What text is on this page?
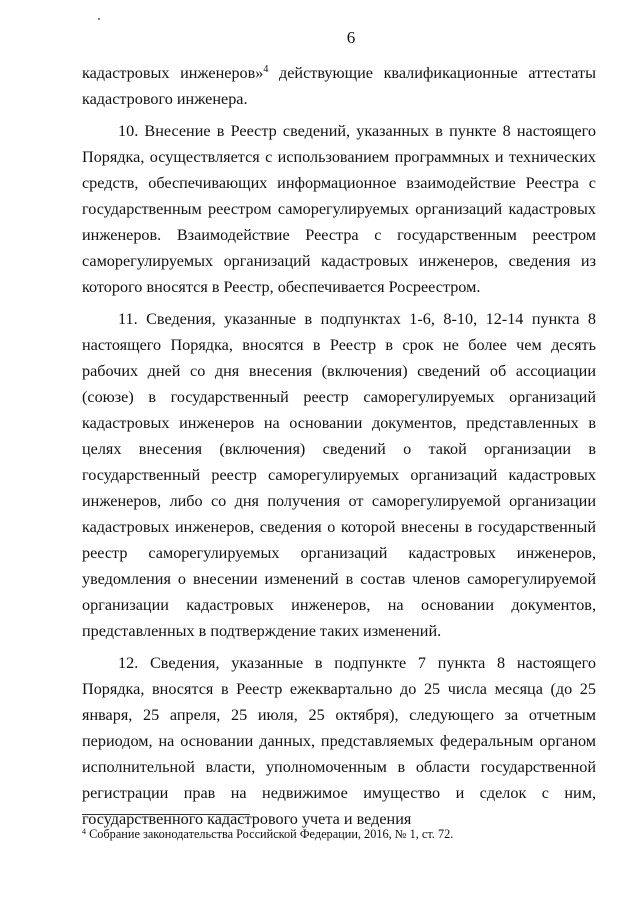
6

кадастровых инженеров»$^4$ действующие квалификационные аттестаты кадастрового инженера.

10. Внесение в Реестр сведений, указанных в пункте 8 настоящего Порядка, осуществляется с использованием программных и технических средств, обеспечивающих информационное взаимодействие Реестра с государственным реестром саморегулируемых организаций кадастровых инженеров. Взаимодействие Реестра с государственным реестром саморегулируемых организаций кадастровых инженеров, сведения из которого вносятся в Реестр, обеспечивается Росреестром.

11. Сведения, указанные в подпунктах 1-6, 8-10, 12-14 пункта 8 настоящего Порядка, вносятся в Реестр в срок не более чем десять рабочих дней со дня внесения (включения) сведений об ассоциации (союзе) в государственный реестр саморегулируемых организаций кадастровых инженеров на основании документов, представленных в целях внесения (включения) сведений о такой организации в государственный реестр саморегулируемых организаций кадастровых инженеров, либо со дня получения от саморегулируемой организации кадастровых инженеров, сведения о которой внесены в государственный реестр саморегулируемых организаций кадастровых инженеров, уведомления о внесении изменений в состав членов саморегулируемой организации кадастровых инженеров, на основании документов, представленных в подтверждение таких изменений.

12. Сведения, указанные в подпункте 7 пункта 8 настоящего Порядка, вносятся в Реестр ежеквартально до 25 числа месяца (до 25 января, 25 апреля, 25 июля, 25 октября), следующего за отчетным периодом, на основании данных, представляемых федеральным органом исполнительной власти, уполномоченным в области государственной регистрации прав на недвижимое имущество и сделок с ним, государственного кадастрового учета и ведения

$^4$ Собрание законодательства Российской Федерации, 2016, № 1, ст. 72.
